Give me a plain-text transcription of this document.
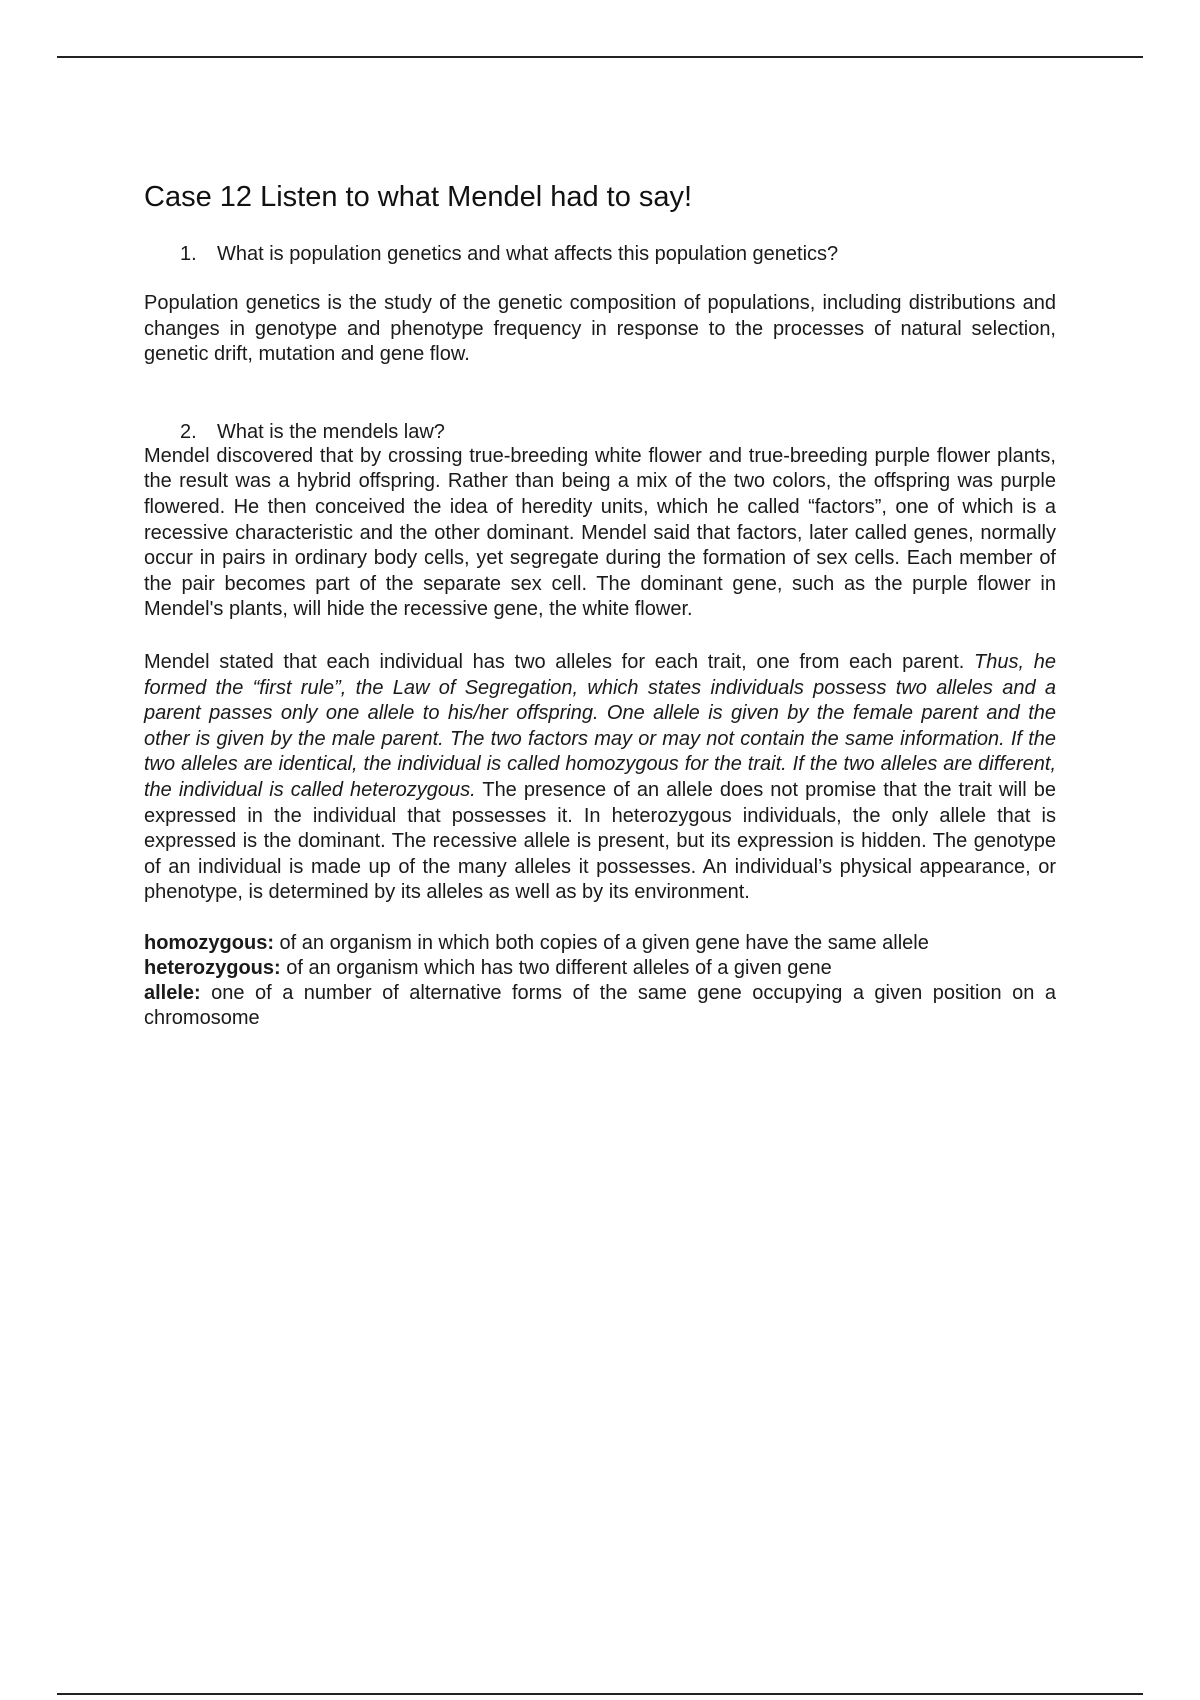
Case 12 Listen to what Mendel had to say!
1.	What is population genetics and what affects this population genetics?

Population genetics is the study of the genetic composition of populations, including distributions and changes in genotype and phenotype frequency in response to the processes of natural selection, genetic drift, mutation and gene flow.

2.	What is the mendels law?

Mendel discovered that by crossing true-breeding white flower and true-breeding purple flower plants, the result was a hybrid offspring. Rather than being a mix of the two colors, the offspring was purple flowered. He then conceived the idea of heredity units, which he called “factors”, one of which is a recessive characteristic and the other dominant. Mendel said that factors, later called genes, normally occur in pairs in ordinary body cells, yet segregate during the formation of sex cells. Each member of the pair becomes part of the separate sex cell. The dominant gene, such as the purple flower in Mendel's plants, will hide the recessive gene, the white flower.

Mendel stated that each individual has two alleles for each trait, one from each parent. Thus, he formed the “first rule”, the Law of Segregation, which states individuals possess two alleles and a parent passes only one allele to his/her offspring. One allele is given by the female parent and the other is given by the male parent. The two factors may or may not contain the same information. If the two alleles are identical, the individual is called homozygous for the trait. If the two alleles are different, the individual is called heterozygous. The presence of an allele does not promise that the trait will be expressed in the individual that possesses it. In heterozygous individuals, the only allele that is expressed is the dominant. The recessive allele is present, but its expression is hidden. The genotype of an individual is made up of the many alleles it possesses. An individual’s physical appearance, or phenotype, is determined by its alleles as well as by its environment.

homozygous: of an organism in which both copies of a given gene have the same allele

heterozygous: of an organism which has two different alleles of a given gene

allele: one of a number of alternative forms of the same gene occupying a given position on a chromosome
